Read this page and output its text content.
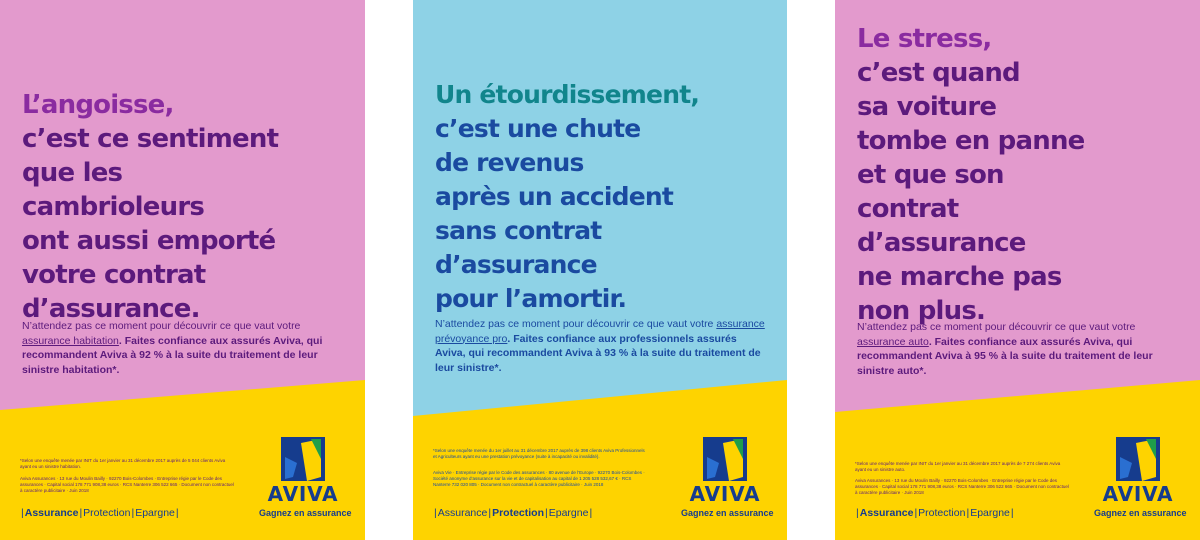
L’angoisse,
c’est ce sentiment
que les
cambrioleurs
ont aussi emporté
votre contrat
d’assurance.

N’attendez pas ce moment pour découvrir ce que vaut votre assurance habitation. Faites confiance aux assurés Aviva, qui recommandent Aviva à 92 % à la suite du traitement de leur sinistre habitation*.

*Selon une enquête menée par INIT du 1er janvier au 31 décembre 2017 auprès de 5 044 clients Aviva ayant eu un sinistre habitation.

Aviva Assurances · 13 rue du Moulin Bailly · 92270 Bois-Colombes · Entreprise régie par le Code des assurances · Capital social 178 771 908,38 euros · RCS Nanterre 306 522 665 · Document non contractuel à caractère publicitaire · Juin 2018

|Assurance|Protection|Epargne|

AVIVA
Gagnez en assurance
Un étourdissement,
c’est une chute
de revenus
après un accident
sans contrat
d’assurance
pour l’amortir.

N’attendez pas ce moment pour découvrir ce que vaut votre assurance prévoyance pro. Faites confiance aux professionnels assurés Aviva, qui recommandent Aviva à 93 % à la suite du traitement de leur sinistre*.

*Selon une enquête menée du 1er juillet au 31 décembre 2017 auprès de 398 clients Aviva Professionnels et Agriculteurs ayant eu une prestation prévoyance (suite à incapacité ou invalidité).

Aviva Vie · Entreprise régie par le Code des assurances · 80 avenue de l’Europe · 92270 Bois-Colombes · Société anonyme d’assurance sur la vie et de capitalisation au capital de 1 205 528 532,67 € · RCS Nanterre 732 020 805 · Document non contractuel à caractère publicitaire · Juin 2018

|Assurance|Protection|Epargne|

AVIVA
Gagnez en assurance
Le stress,
c’est quand
sa voiture
tombe en panne
et que son
contrat
d’assurance
ne marche pas
non plus.

N’attendez pas ce moment pour découvrir ce que vaut votre assurance auto. Faites confiance aux assurés Aviva, qui recommandent Aviva à 95 % à la suite du traitement de leur sinistre auto*.

*Selon une enquête menée par INIT du 1er janvier au 31 décembre 2017 auprès de 7 274 clients Aviva ayant eu un sinistre auto.

Aviva Assurances · 13 rue du Moulin Bailly · 92270 Bois-Colombes · Entreprise régie par le Code des assurances · Capital social 178 771 908,38 euros · RCS Nanterre 306 522 665 · Document non contractuel à caractère publicitaire · Juin 2018

|Assurance|Protection|Epargne|

AVIVA
Gagnez en assurance
